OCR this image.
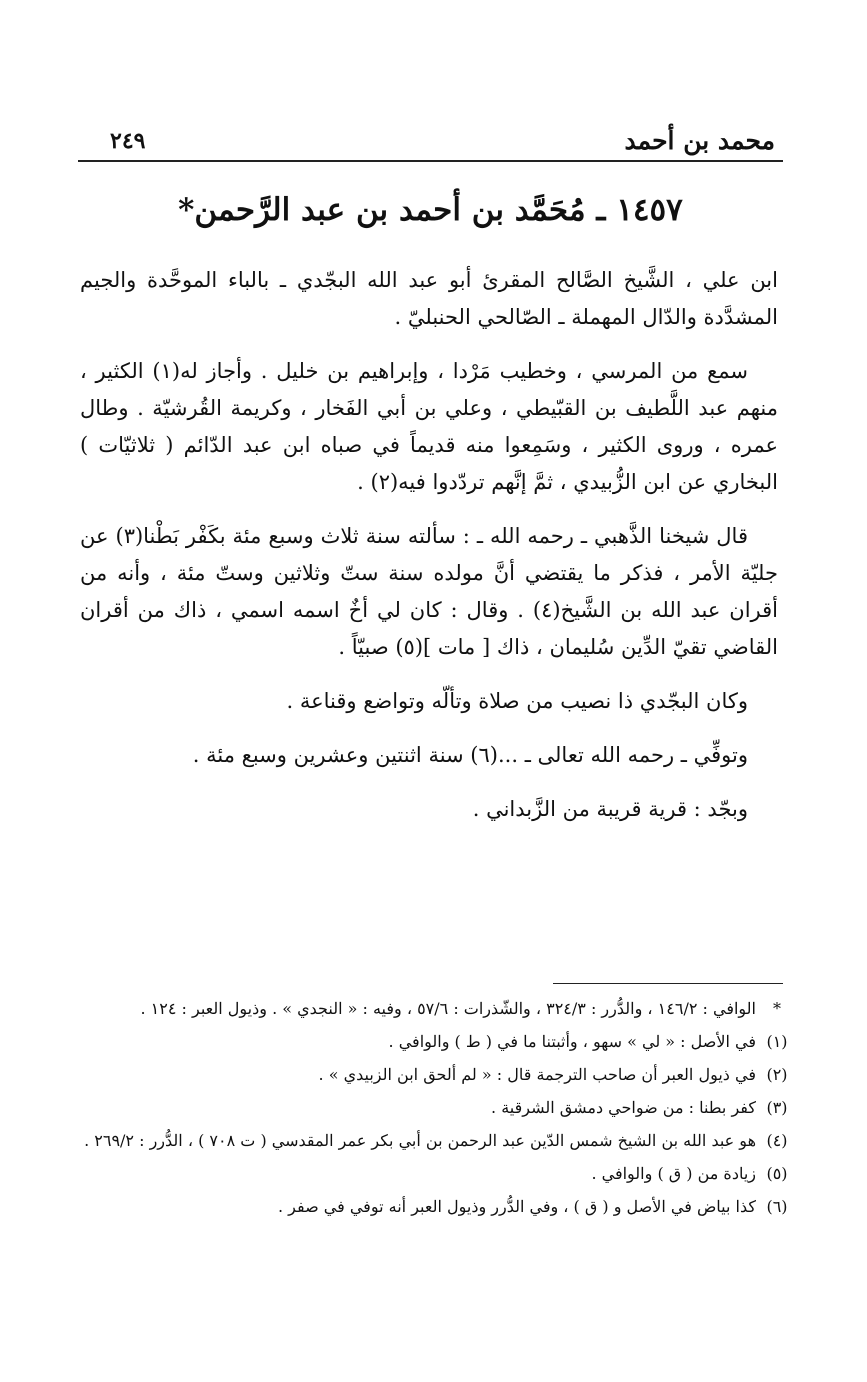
محمد بن أحمد
٢٤٩
١٤٥٧ ـ مُحَمَّد بن أحمد بن عبد الرَّحمن*

ابن علي ، الشَّيخ الصَّالح المقرئ أبو عبد الله البجّدي ـ بالباء الموحَّدة والجيم المشدَّدة والدّال المهملة ـ الصّالحي الحنبليّ .

سمع من المرسي ، وخطيب مَرْدا ، وإبراهيم بن خليل . وأجاز له(١) الكثير ، منهم عبد اللَّطيف بن القبّيطي ، وعلي بن أبي الفَخار ، وكريمة القُرشيّة . وطال عمره ، وروى الكثير ، وسَمِعوا منه قديماً في صباه ابن عبد الدّائم ( ثلاثيّات ) البخاري عن ابن الزُّبيدي ، ثمَّ إنَّهم تردّدوا فيه(٢) .

قال شيخنا الذَّهبي ـ رحمه الله ـ : سألته سنة ثلاث وسبع مئة بكَفْر بَطْنا(٣) عن جليّة الأمر ، فذكر ما يقتضي أنَّ مولده سنة ستّ وثلاثين وستّ مئة ، وأنه من أقران عبد الله بن الشَّيخ(٤) . وقال : كان لي أخٌ اسمه اسمي ، ذاك من أقران القاضي تقيّ الدِّين سُليمان ، ذاك [ مات ](٥) صبيّاً .

وكان البجّدي ذا نصيب من صلاة وتألّه وتواضع وقناعة .

وتوفِّي ـ رحمه الله تعالى ـ ...(٦) سنة اثنتين وعشرين وسبع مئة .

وبجّد : قرية قريبة من الزَّبداني .

*
الوافي : ١٤٦/٢ ، والدُّرر : ٣٢٤/٣ ، والشّذرات : ٥٧/٦ ، وفيه : « النجدي » . وذيول العبر : ١٢٤ .
(١)
في الأصل : « لي » سهو ، وأثبتنا ما في ( ط ) والوافي .
(٢)
في ذيول العبر أن صاحب الترجمة قال : « لم ألحق ابن الزبيدي » .
(٣)
كفر بطنا : من ضواحي دمشق الشرقية .
(٤)
هو عبد الله بن الشيخ شمس الدّين عبد الرحمن بن أبي بكر عمر المقدسي ( ت ٧٠٨ ) ، الدُّرر : ٢٦٩/٢ .
(٥)
زيادة من ( ق ) والوافي .
(٦)
كذا بياض في الأصل و ( ق ) ، وفي الدُّرر وذيول العبر أنه توفي في صفر .
